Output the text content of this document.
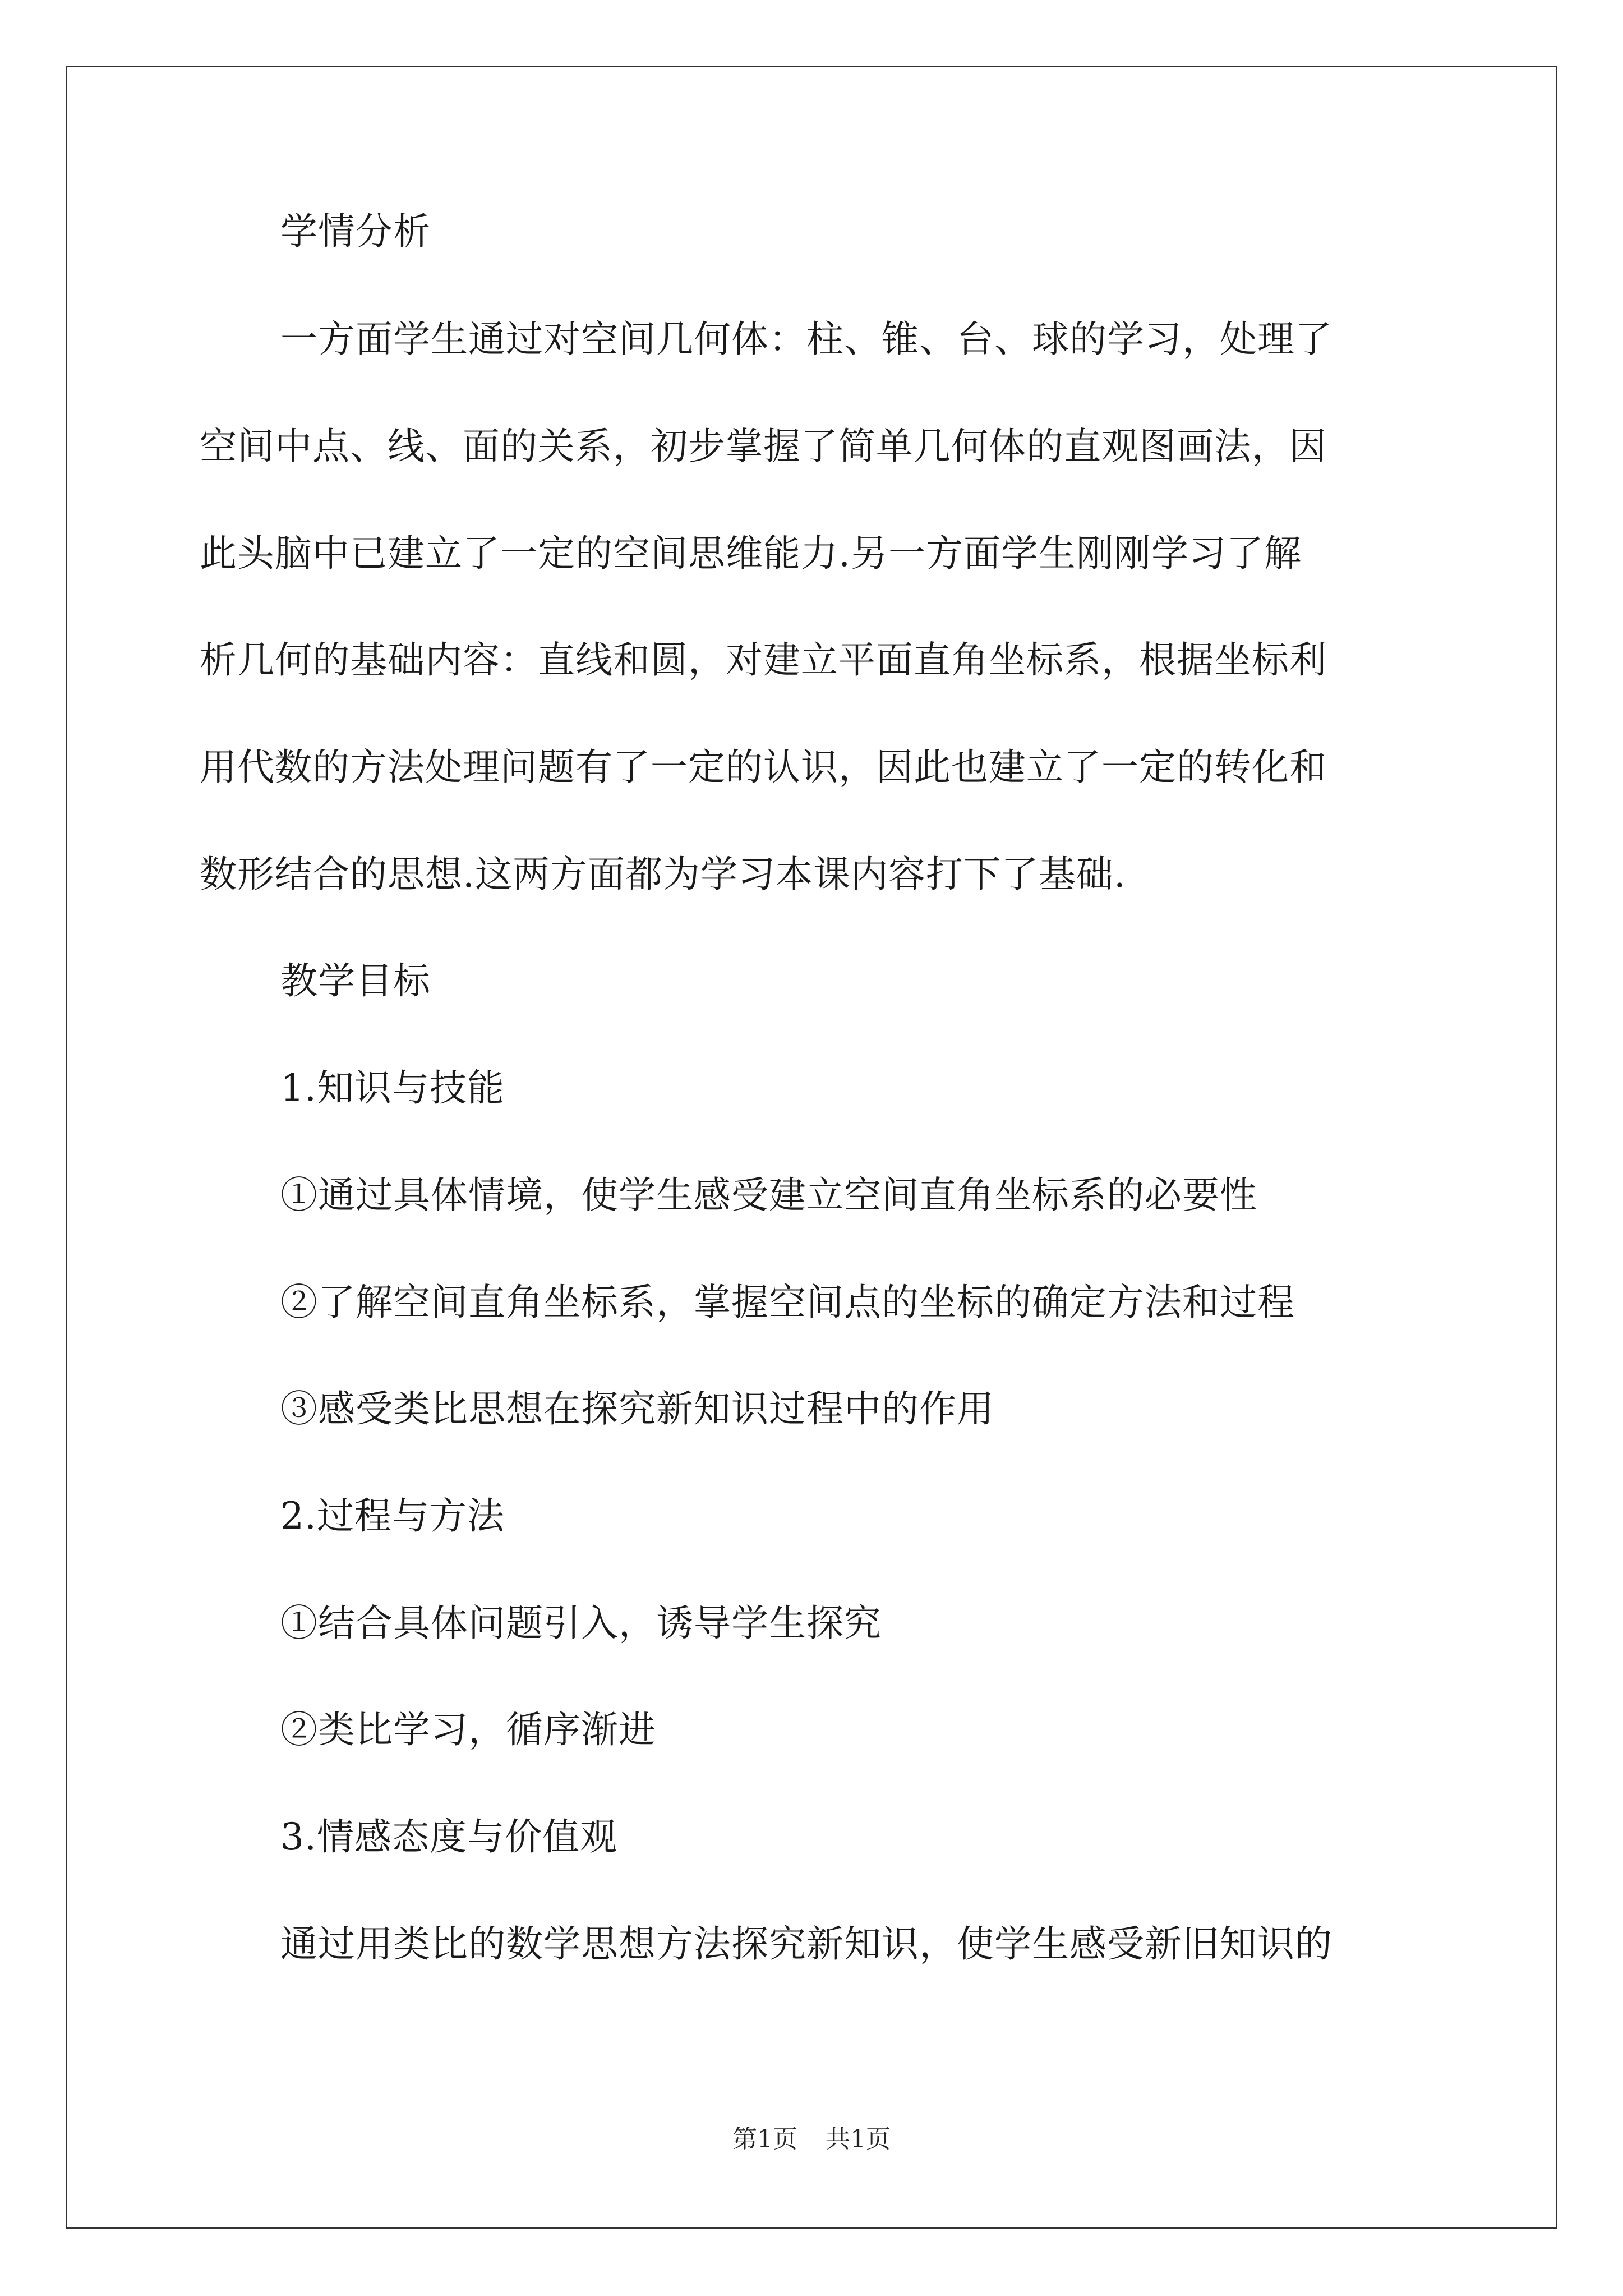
学情分析
一方面学生通过对空间几何体：柱、锥、台、球的学习，处理了
空间中点、线、面的关系，初步掌握了简单几何体的直观图画法，因
此头脑中已建立了一定的空间思维能力.另一方面学生刚刚学习了解
析几何的基础内容：直线和圆，对建立平面直角坐标系，根据坐标利
用代数的方法处理问题有了一定的认识，因此也建立了一定的转化和
数形结合的思想.这两方面都为学习本课内容打下了基础.
教学目标
1.知识与技能
①通过具体情境，使学生感受建立空间直角坐标系的必要性
②了解空间直角坐标系，掌握空间点的坐标的确定方法和过程
③感受类比思想在探究新知识过程中的作用
2.过程与方法
①结合具体问题引入，诱导学生探究
②类比学习，循序渐进
3.情感态度与价值观
通过用类比的数学思想方法探究新知识，使学生感受新旧知识的
第1页 共1页
